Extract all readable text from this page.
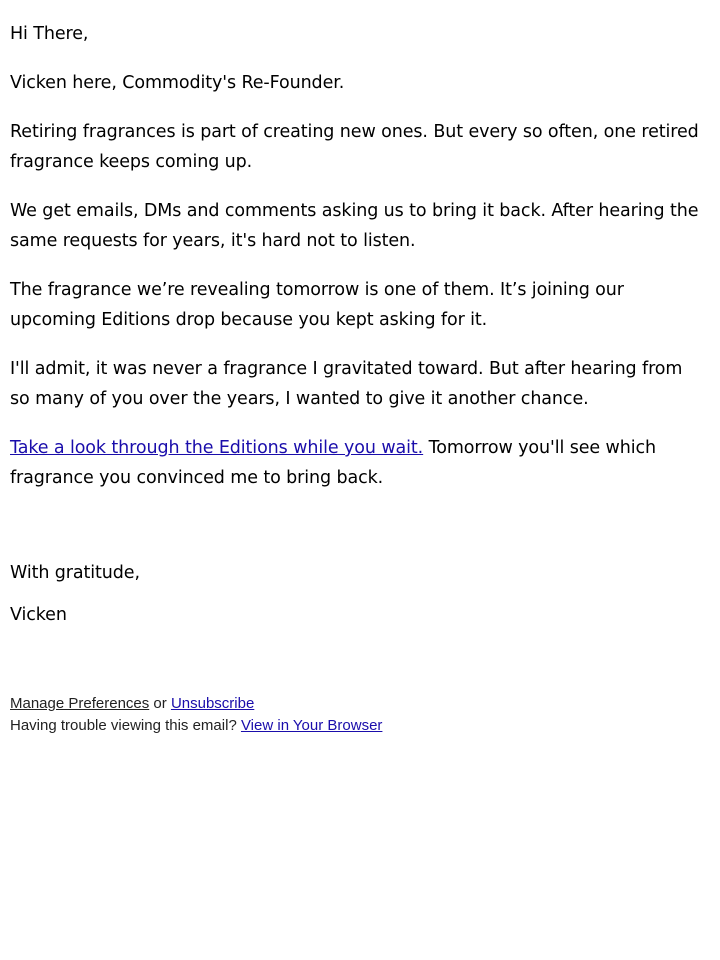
Hi There,

Vicken here, Commodity's Re-Founder.

Retiring fragrances is part of creating new ones. But every so often, one retired fragrance keeps coming up.

We get emails, DMs and comments asking us to bring it back. After hearing the same requests for years, it's hard not to listen.

The fragrance we’re revealing tomorrow is one of them. It’s joining our upcoming Editions drop because you kept asking for it.

I'll admit, it was never a fragrance I gravitated toward. But after hearing from so many of you over the years, I wanted to give it another chance.

Take a look through the Editions while you wait. Tomorrow you'll see which fragrance you convinced me to bring back.

With gratitude,

Vicken

Manage Preferences or Unsubscribe
Having trouble viewing this email? View in Your Browser
